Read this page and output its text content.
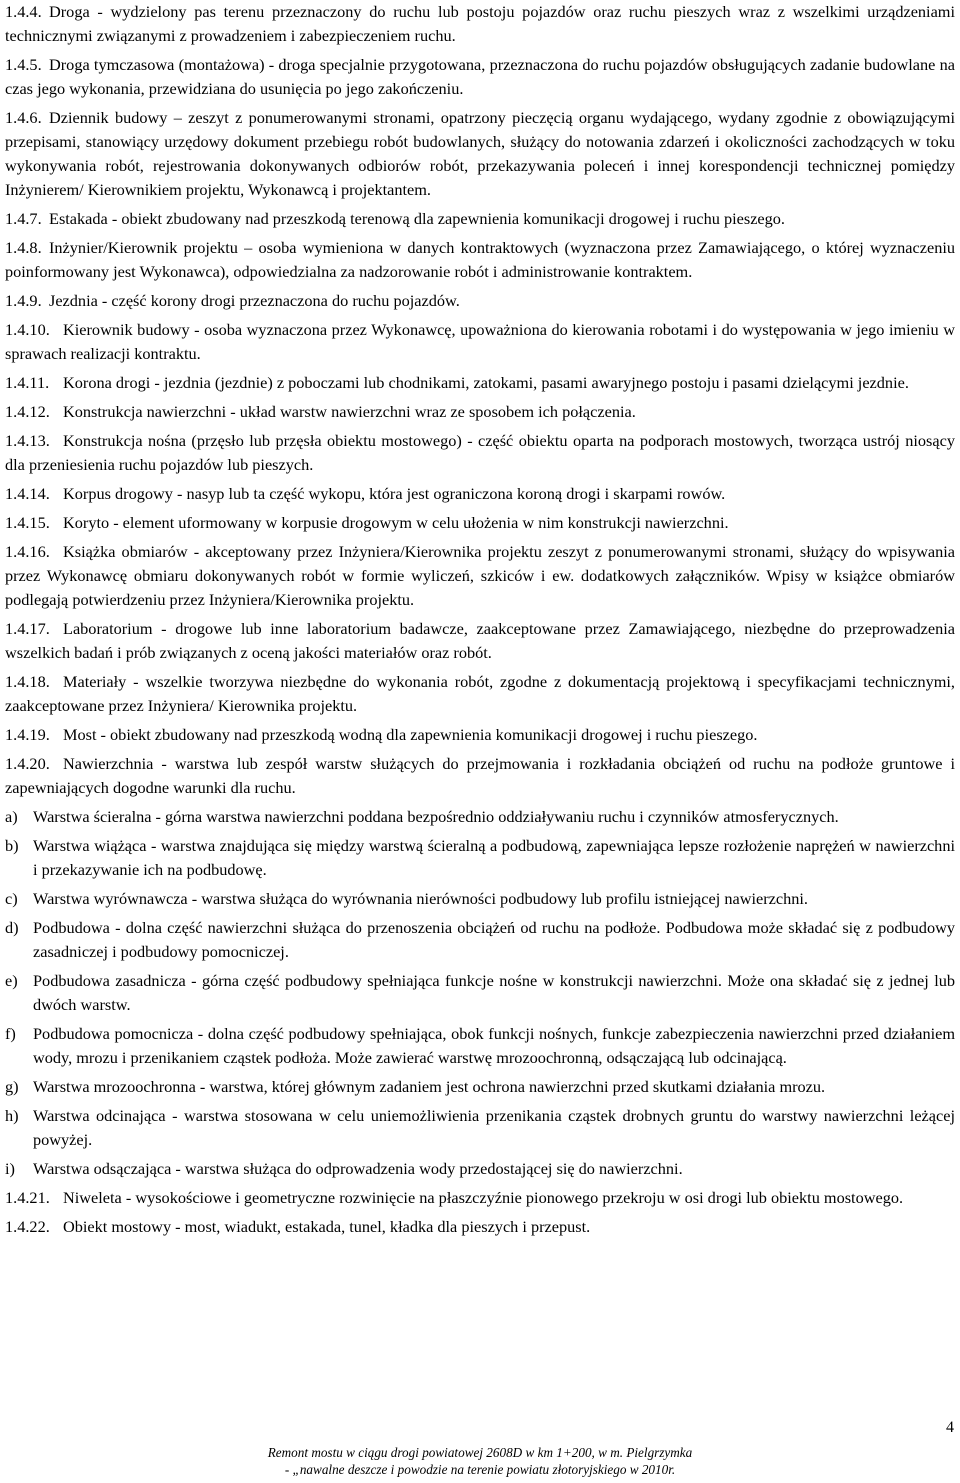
1.4.4. Droga - wydzielony pas terenu przeznaczony do ruchu lub postoju pojazdów oraz ruchu pieszych wraz z wszelkimi urządzeniami technicznymi związanymi z prowadzeniem i zabezpieczeniem ruchu.

1.4.5. Droga tymczasowa (montażowa) - droga specjalnie przygotowana, przeznaczona do ruchu pojazdów obsługujących zadanie budowlane na czas jego wykonania, przewidziana do usunięcia po jego zakończeniu.

1.4.6. Dziennik budowy – zeszyt z ponumerowanymi stronami, opatrzony pieczęcią organu wydającego, wydany zgodnie z obowiązującymi przepisami, stanowiący urzędowy dokument przebiegu robót budowlanych, służący do notowania zdarzeń i okoliczności zachodzących w toku wykonywania robót, rejestrowania dokonywanych odbiorów robót, przekazywania poleceń i innej korespondencji technicznej pomiędzy Inżynierem/ Kierownikiem projektu, Wykonawcą i projektantem.

1.4.7. Estakada - obiekt zbudowany nad przeszkodą terenową dla zapewnienia komunikacji drogowej i ruchu pieszego.

1.4.8. Inżynier/Kierownik projektu – osoba wymieniona w danych kontraktowych (wyznaczona przez Zamawiającego, o której wyznaczeniu poinformowany jest Wykonawca), odpowiedzialna za nadzorowanie robót i administrowanie kontraktem.

1.4.9. Jezdnia - część korony drogi przeznaczona do ruchu pojazdów.

1.4.10. Kierownik budowy - osoba wyznaczona przez Wykonawcę, upoważniona do kierowania robotami i do występowania w jego imieniu w sprawach realizacji kontraktu.

1.4.11. Korona drogi - jezdnia (jezdnie) z poboczami lub chodnikami, zatokami, pasami awaryjnego postoju i pasami dzielącymi jezdnie.

1.4.12. Konstrukcja nawierzchni - układ warstw nawierzchni wraz ze sposobem ich połączenia.

1.4.13. Konstrukcja nośna (przęsło lub przęsła obiektu mostowego) - część obiektu oparta na podporach mostowych, tworząca ustrój niosący dla przeniesienia ruchu pojazdów lub pieszych.

1.4.14. Korpus drogowy - nasyp lub ta część wykopu, która jest ograniczona koroną drogi i skarpami rowów.

1.4.15. Koryto - element uformowany w korpusie drogowym w celu ułożenia w nim konstrukcji nawierzchni.

1.4.16. Książka obmiarów - akceptowany przez Inżyniera/Kierownika projektu zeszyt z ponumerowanymi stronami, służący do wpisywania przez Wykonawcę obmiaru dokonywanych robót w formie wyliczeń, szkiców i ew. dodatkowych załączników. Wpisy w książce obmiarów podlegają potwierdzeniu przez Inżyniera/Kierownika projektu.

1.4.17. Laboratorium - drogowe lub inne laboratorium badawcze, zaakceptowane przez Zamawiającego, niezbędne do przeprowadzenia wszelkich badań i prób związanych z oceną jakości materiałów oraz robót.

1.4.18. Materiały - wszelkie tworzywa niezbędne do wykonania robót, zgodne z dokumentacją projektową i specyfikacjami technicznymi, zaakceptowane przez Inżyniera/ Kierownika projektu.

1.4.19. Most - obiekt zbudowany nad przeszkodą wodną dla zapewnienia komunikacji drogowej i ruchu pieszego.

1.4.20. Nawierzchnia - warstwa lub zespół warstw służących do przejmowania i rozkładania obciążeń od ruchu na podłoże gruntowe i zapewniających dogodne warunki dla ruchu.

a) Warstwa ścieralna - górna warstwa nawierzchni poddana bezpośrednio oddziaływaniu ruchu i czynników atmosferycznych.

b) Warstwa wiążąca - warstwa znajdująca się między warstwą ścieralną a podbudową, zapewniająca lepsze rozłożenie naprężeń w nawierzchni i przekazywanie ich na podbudowę.

c) Warstwa wyrównawcza - warstwa służąca do wyrównania nierówności podbudowy lub profilu istniejącej nawierzchni.

d) Podbudowa - dolna część nawierzchni służąca do przenoszenia obciążeń od ruchu na podłoże. Podbudowa może składać się z podbudowy zasadniczej i podbudowy pomocniczej.

e) Podbudowa zasadnicza - górna część podbudowy spełniająca funkcje nośne w konstrukcji nawierzchni. Może ona składać się z jednej lub dwóch warstw.

f) Podbudowa pomocnicza - dolna część podbudowy spełniająca, obok funkcji nośnych, funkcje zabezpieczenia nawierzchni przed działaniem wody, mrozu i przenikaniem cząstek podłoża. Może zawierać warstwę mrozoochronną, odsączającą lub odcinającą.

g) Warstwa mrozoochronna - warstwa, której głównym zadaniem jest ochrona nawierzchni przed skutkami działania mrozu.

h) Warstwa odcinająca - warstwa stosowana w celu uniemożliwienia przenikania cząstek drobnych gruntu do warstwy nawierzchni leżącej powyżej.

i) Warstwa odsączająca - warstwa służąca do odprowadzenia wody przedostającej się do nawierzchni.

1.4.21. Niweleta - wysokościowe i geometryczne rozwinięcie na płaszczyźnie pionowego przekroju w osi drogi lub obiektu mostowego.

1.4.22. Obiekt mostowy - most, wiadukt, estakada, tunel, kładka dla pieszych i przepust.

4
Remont mostu w ciągu drogi powiatowej 2608D w km 1+200, w m. Pielgrzymka
- „nawalne deszcze i powodzie na terenie powiatu złotoryjskiego w 2010r.
